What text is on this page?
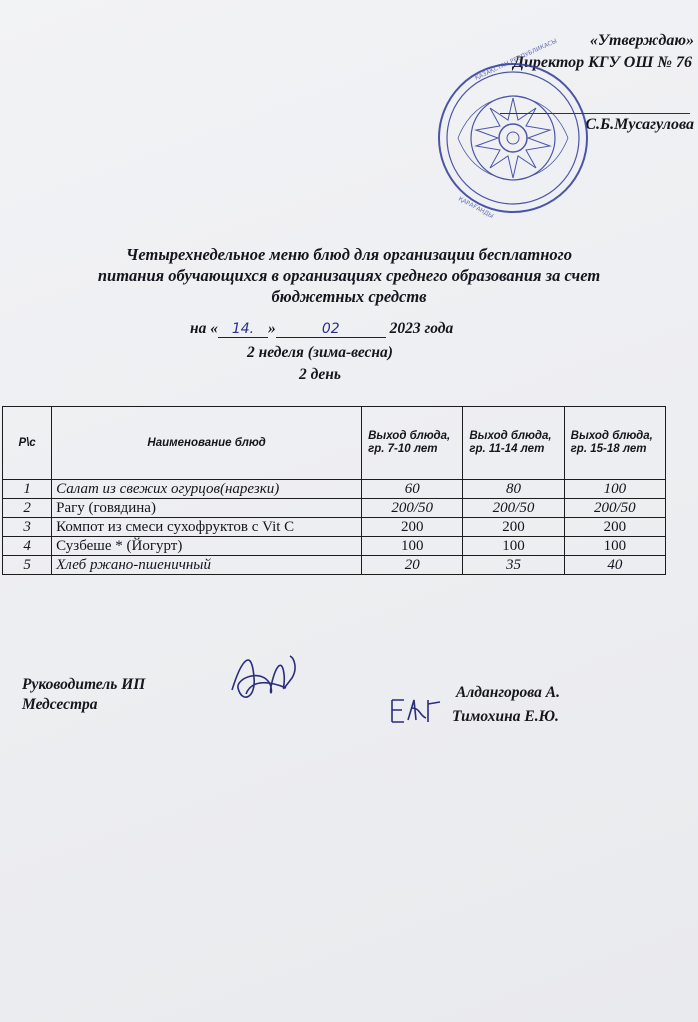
«Утверждаю»
Директор КГУ ОШ № 76
С.Б.Мусагулова
ҚАЗАҚСТАН РЕСПУБЛИКАСЫ
ҚАРАҒАНДЫ
Четырехнедельное меню блюд для организации бесплатного
питания обучающихся в организациях среднего образования за счет
бюджетных средств
на « 14. »	02	2023 года
2 неделя (зима-весна)
2 день
Р\с	Наименование блюд	Выход блюда, гр. 7-10 лет	Выход блюда, гр. 11-14 лет	Выход блюда, гр. 15-18 лет
1	Салат из свежих огурцов(нарезки)	60	80	100
2	Рагу (говядина)	200/50	200/50	200/50
3	Компот из смеси сухофруктов с Vit C	200	200	200
4	Сузбеше * (Йогурт)	100	100	100
5	Хлеб ржано-пшеничный	20	35	40
Руководитель ИП
Медсестра
Алдангорова А.
Тимохина Е.Ю.
